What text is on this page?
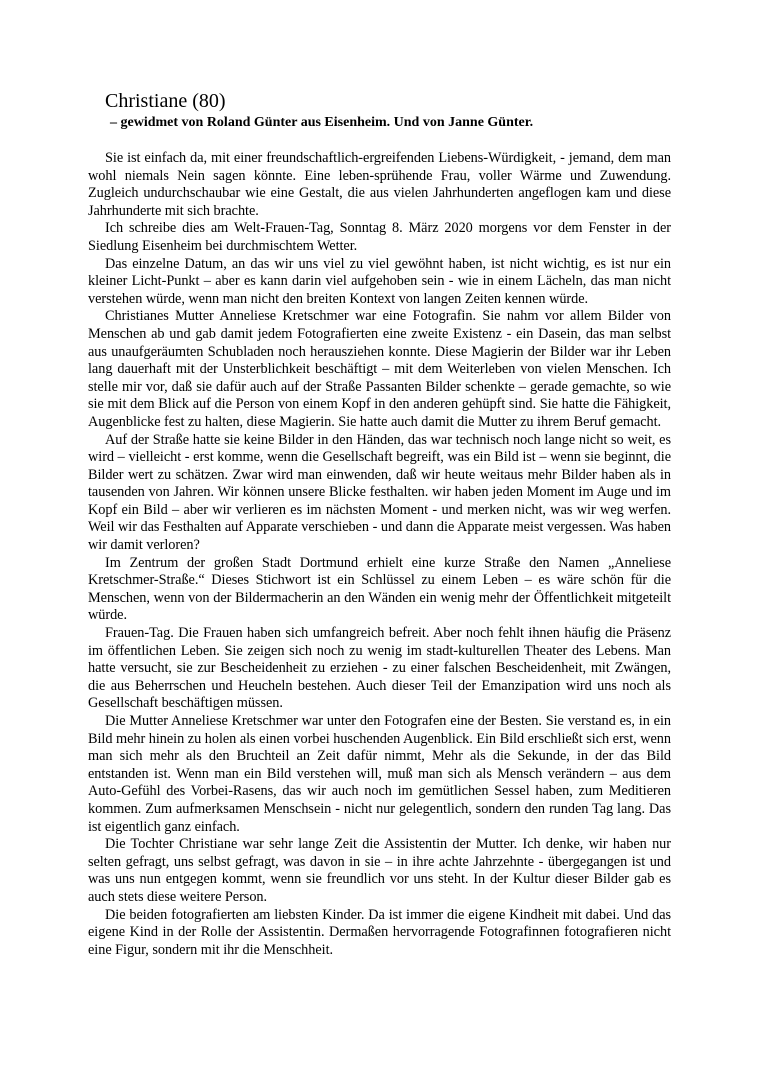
Christiane (80)
– gewidmet von Roland Günter aus Eisenheim. Und von Janne Günter.

Sie ist einfach da, mit einer freundschaftlich-ergreifenden Liebens-Würdigkeit, - jemand, dem man wohl niemals Nein sagen könnte. Eine leben-sprühende Frau, voller Wärme und Zuwendung. Zugleich undurchschaubar wie eine Gestalt, die aus vielen Jahrhunderten angeflogen kam und diese Jahrhunderte mit sich brachte.

Ich schreibe dies am Welt-Frauen-Tag, Sonntag 8. März 2020 morgens vor dem Fenster in der Siedlung Eisenheim bei durchmischtem Wetter.

Das einzelne Datum, an das wir uns viel zu viel gewöhnt haben, ist nicht wichtig, es ist nur ein kleiner Licht-Punkt – aber es kann darin viel aufgehoben sein - wie in einem Lächeln, das man nicht verstehen würde, wenn man nicht den breiten Kontext von langen Zeiten kennen würde.

Christianes Mutter Anneliese Kretschmer war eine Fotografin. Sie nahm vor allem Bilder von Menschen ab und gab damit jedem Fotografierten eine zweite Existenz - ein Dasein, das man selbst aus unaufgeräumten Schubladen noch herausziehen konnte. Diese Magierin der Bilder war ihr Leben lang dauerhaft mit der Unsterblichkeit beschäftigt – mit dem Weiterleben von vielen Menschen. Ich stelle mir vor, daß sie dafür auch auf der Straße Passanten Bilder schenkte – gerade gemachte, so wie sie mit dem Blick auf die Person von einem Kopf in den anderen gehüpft sind. Sie hatte die Fähigkeit, Augenblicke fest zu halten, diese Magierin. Sie hatte auch damit die Mutter zu ihrem Beruf gemacht.

Auf der Straße hatte sie keine Bilder in den Händen, das war technisch noch lange nicht so weit, es wird – vielleicht - erst komme, wenn die Gesellschaft begreift, was ein Bild ist – wenn sie beginnt, die Bilder wert zu schätzen. Zwar wird man einwenden, daß wir heute weitaus mehr Bilder haben als in tausenden von Jahren. Wir können unsere Blicke festhalten. wir haben jeden Moment im Auge und im Kopf ein Bild – aber wir verlieren es im nächsten Moment - und merken nicht, was wir weg werfen. Weil wir das Festhalten auf Apparate verschieben - und dann die Apparate meist vergessen. Was haben wir damit verloren?

Im Zentrum der großen Stadt Dortmund erhielt eine kurze Straße den Namen „Anneliese Kretschmer-Straße.“ Dieses Stichwort ist ein Schlüssel zu einem Leben – es wäre schön für die Menschen, wenn von der Bildermacherin an den Wänden ein wenig mehr der Öffentlichkeit mitgeteilt würde.

Frauen-Tag. Die Frauen haben sich umfangreich befreit. Aber noch fehlt ihnen häufig die Präsenz im öffentlichen Leben. Sie zeigen sich noch zu wenig im stadt-kulturellen Theater des Lebens. Man hatte versucht, sie zur Bescheidenheit zu erziehen - zu einer falschen Bescheidenheit, mit Zwängen, die aus Beherrschen und Heucheln bestehen. Auch dieser Teil der Emanzipation wird uns noch als Gesellschaft beschäftigen müssen.

Die Mutter Anneliese Kretschmer war unter den Fotografen eine der Besten. Sie verstand es, in ein Bild mehr hinein zu holen als einen vorbei huschenden Augenblick. Ein Bild erschließt sich erst, wenn man sich mehr als den Bruchteil an Zeit dafür nimmt, Mehr als die Sekunde, in der das Bild entstanden ist. Wenn man ein Bild verstehen will, muß man sich als Mensch verändern – aus dem Auto-Gefühl des Vorbei-Rasens, das wir auch noch im gemütlichen Sessel haben, zum Meditieren kommen. Zum aufmerksamen Menschsein - nicht nur gelegentlich, sondern den runden Tag lang. Das ist eigentlich ganz einfach.

Die Tochter Christiane war sehr lange Zeit die Assistentin der Mutter. Ich denke, wir haben nur selten gefragt, uns selbst gefragt, was davon in sie – in ihre achte Jahrzehnte - übergegangen ist und was uns nun entgegen kommt, wenn sie freundlich vor uns steht. In der Kultur dieser Bilder gab es auch stets diese weitere Person.

Die beiden fotografierten am liebsten Kinder. Da ist immer die eigene Kindheit mit dabei. Und das eigene Kind in der Rolle der Assistentin. Dermaßen hervorragende Fotografinnen fotografieren nicht eine Figur, sondern mit ihr die Menschheit.
